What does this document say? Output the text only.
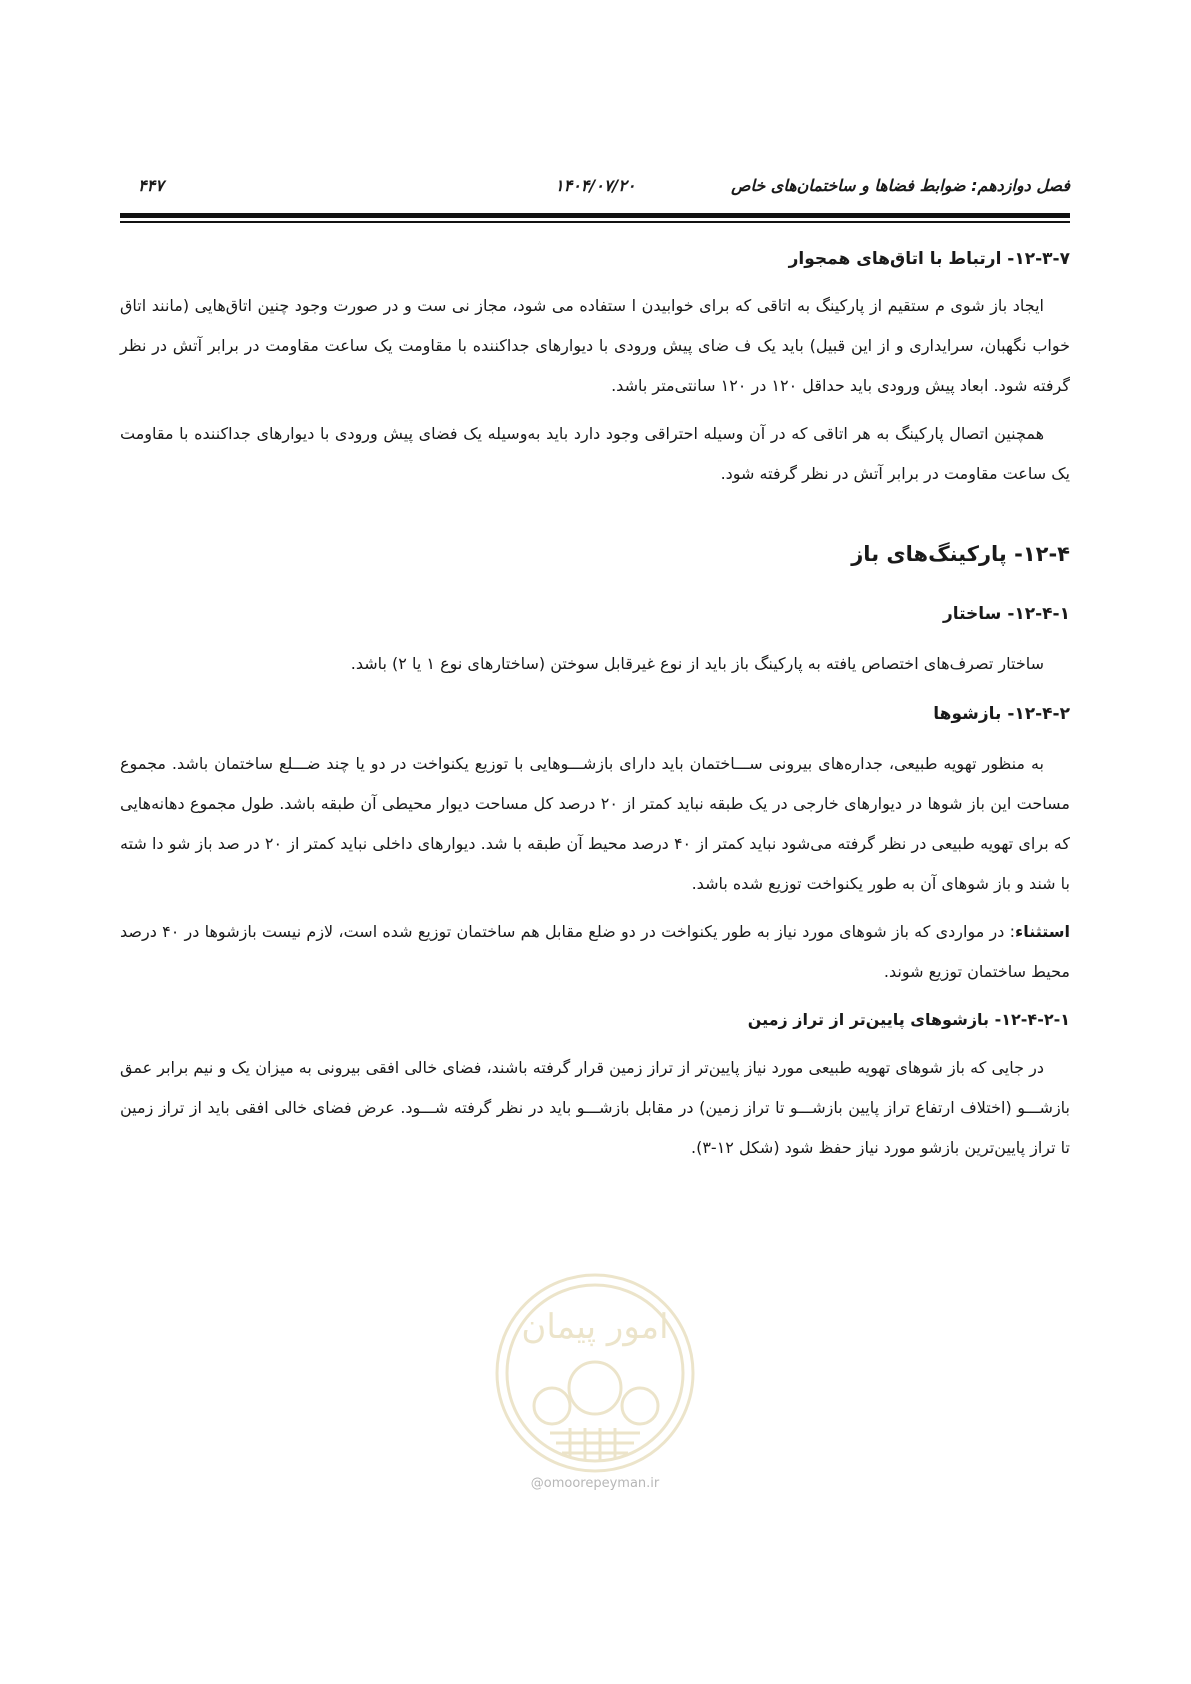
فصل دوازدهم: ضوابط فضاها و ساختمان‌های خاص
۱۴۰۴/۰۷/۲۰
۴۴۷
۱۲-۳-۷- ارتباط با اتاق‌های همجوار

ایجاد باز شوی م ستقیم از پارکینگ به اتاقی که برای خوابیدن ا ستفاده می شود، مجاز نی ست و در صورت وجود چنین اتاق‌هایی (مانند اتاق خواب نگهبان، سرایداری و از این قبیل) باید یک ف ضای پیش ورودی با دیوارهای جداکننده با مقاومت یک ساعت مقاومت در برابر آتش در نظر گرفته شود. ابعاد پیش ورودی باید حداقل ۱۲۰ در ۱۲۰ سانتی‌متر باشد.

همچنین اتصال پارکینگ به هر اتاقی که در آن وسیله احتراقی وجود دارد باید به‌وسیله یک فضای پیش ورودی با دیوارهای جداکننده با مقاومت یک ساعت مقاومت در برابر آتش در نظر گرفته شود.

۱۲-۴- پارکینگ‌های باز
۱۲-۴-۱- ساختار

ساختار تصرف‌های اختصاص یافته به پارکینگ باز باید از نوع غیرقابل سوختن (ساختارهای نوع ۱ یا ۲) باشد.

۱۲-۴-۲- بازشوها

به منظور تهویه طبیعی، جداره‌های بیرونی ســـاختمان باید دارای بازشـــوهایی با توزیع یکنواخت در دو یا چند ضـــلع ساختمان باشد. مجموع مساحت این باز شوها در دیوارهای خارجی در یک طبقه نباید کمتر از ۲۰ درصد کل مساحت دیوار محیطی آن طبقه باشد. طول مجموع دهانه‌هایی که برای تهویه طبیعی در نظر گرفته می‌شود نباید کمتر از ۴۰ درصد محیط آن طبقه با شد. دیوارهای داخلی نباید کمتر از ۲۰ در صد باز شو دا شته با شند و باز شوهای آن به طور یکنواخت توزیع شده باشد.

استثناء: در مواردی که باز شوهای مورد نیاز به طور یکنواخت در دو ضلع مقابل هم ساختمان توزیع شده است، لازم نیست بازشوها در ۴۰ درصد محیط ساختمان توزیع شوند.

۱۲-۴-۲-۱- بازشوهای پایین‌تر از تراز زمین

در جایی که باز شوهای تهویه طبیعی مورد نیاز پایین‌تر از تراز زمین قرار گرفته باشند، فضای خالی افقی بیرونی به میزان یک و نیم برابر عمق بازشـــو (اختلاف ارتفاع تراز پایین بازشـــو تا تراز زمین) در مقابل بازشـــو باید در نظر گرفته شـــود. عرض فضای خالی افقی باید از تراز زمین تا تراز پایین‌ترین بازشو مورد نیاز حفظ شود (شکل ۱۲-۳).

امور پیمان
@omoorepeyman.ir
